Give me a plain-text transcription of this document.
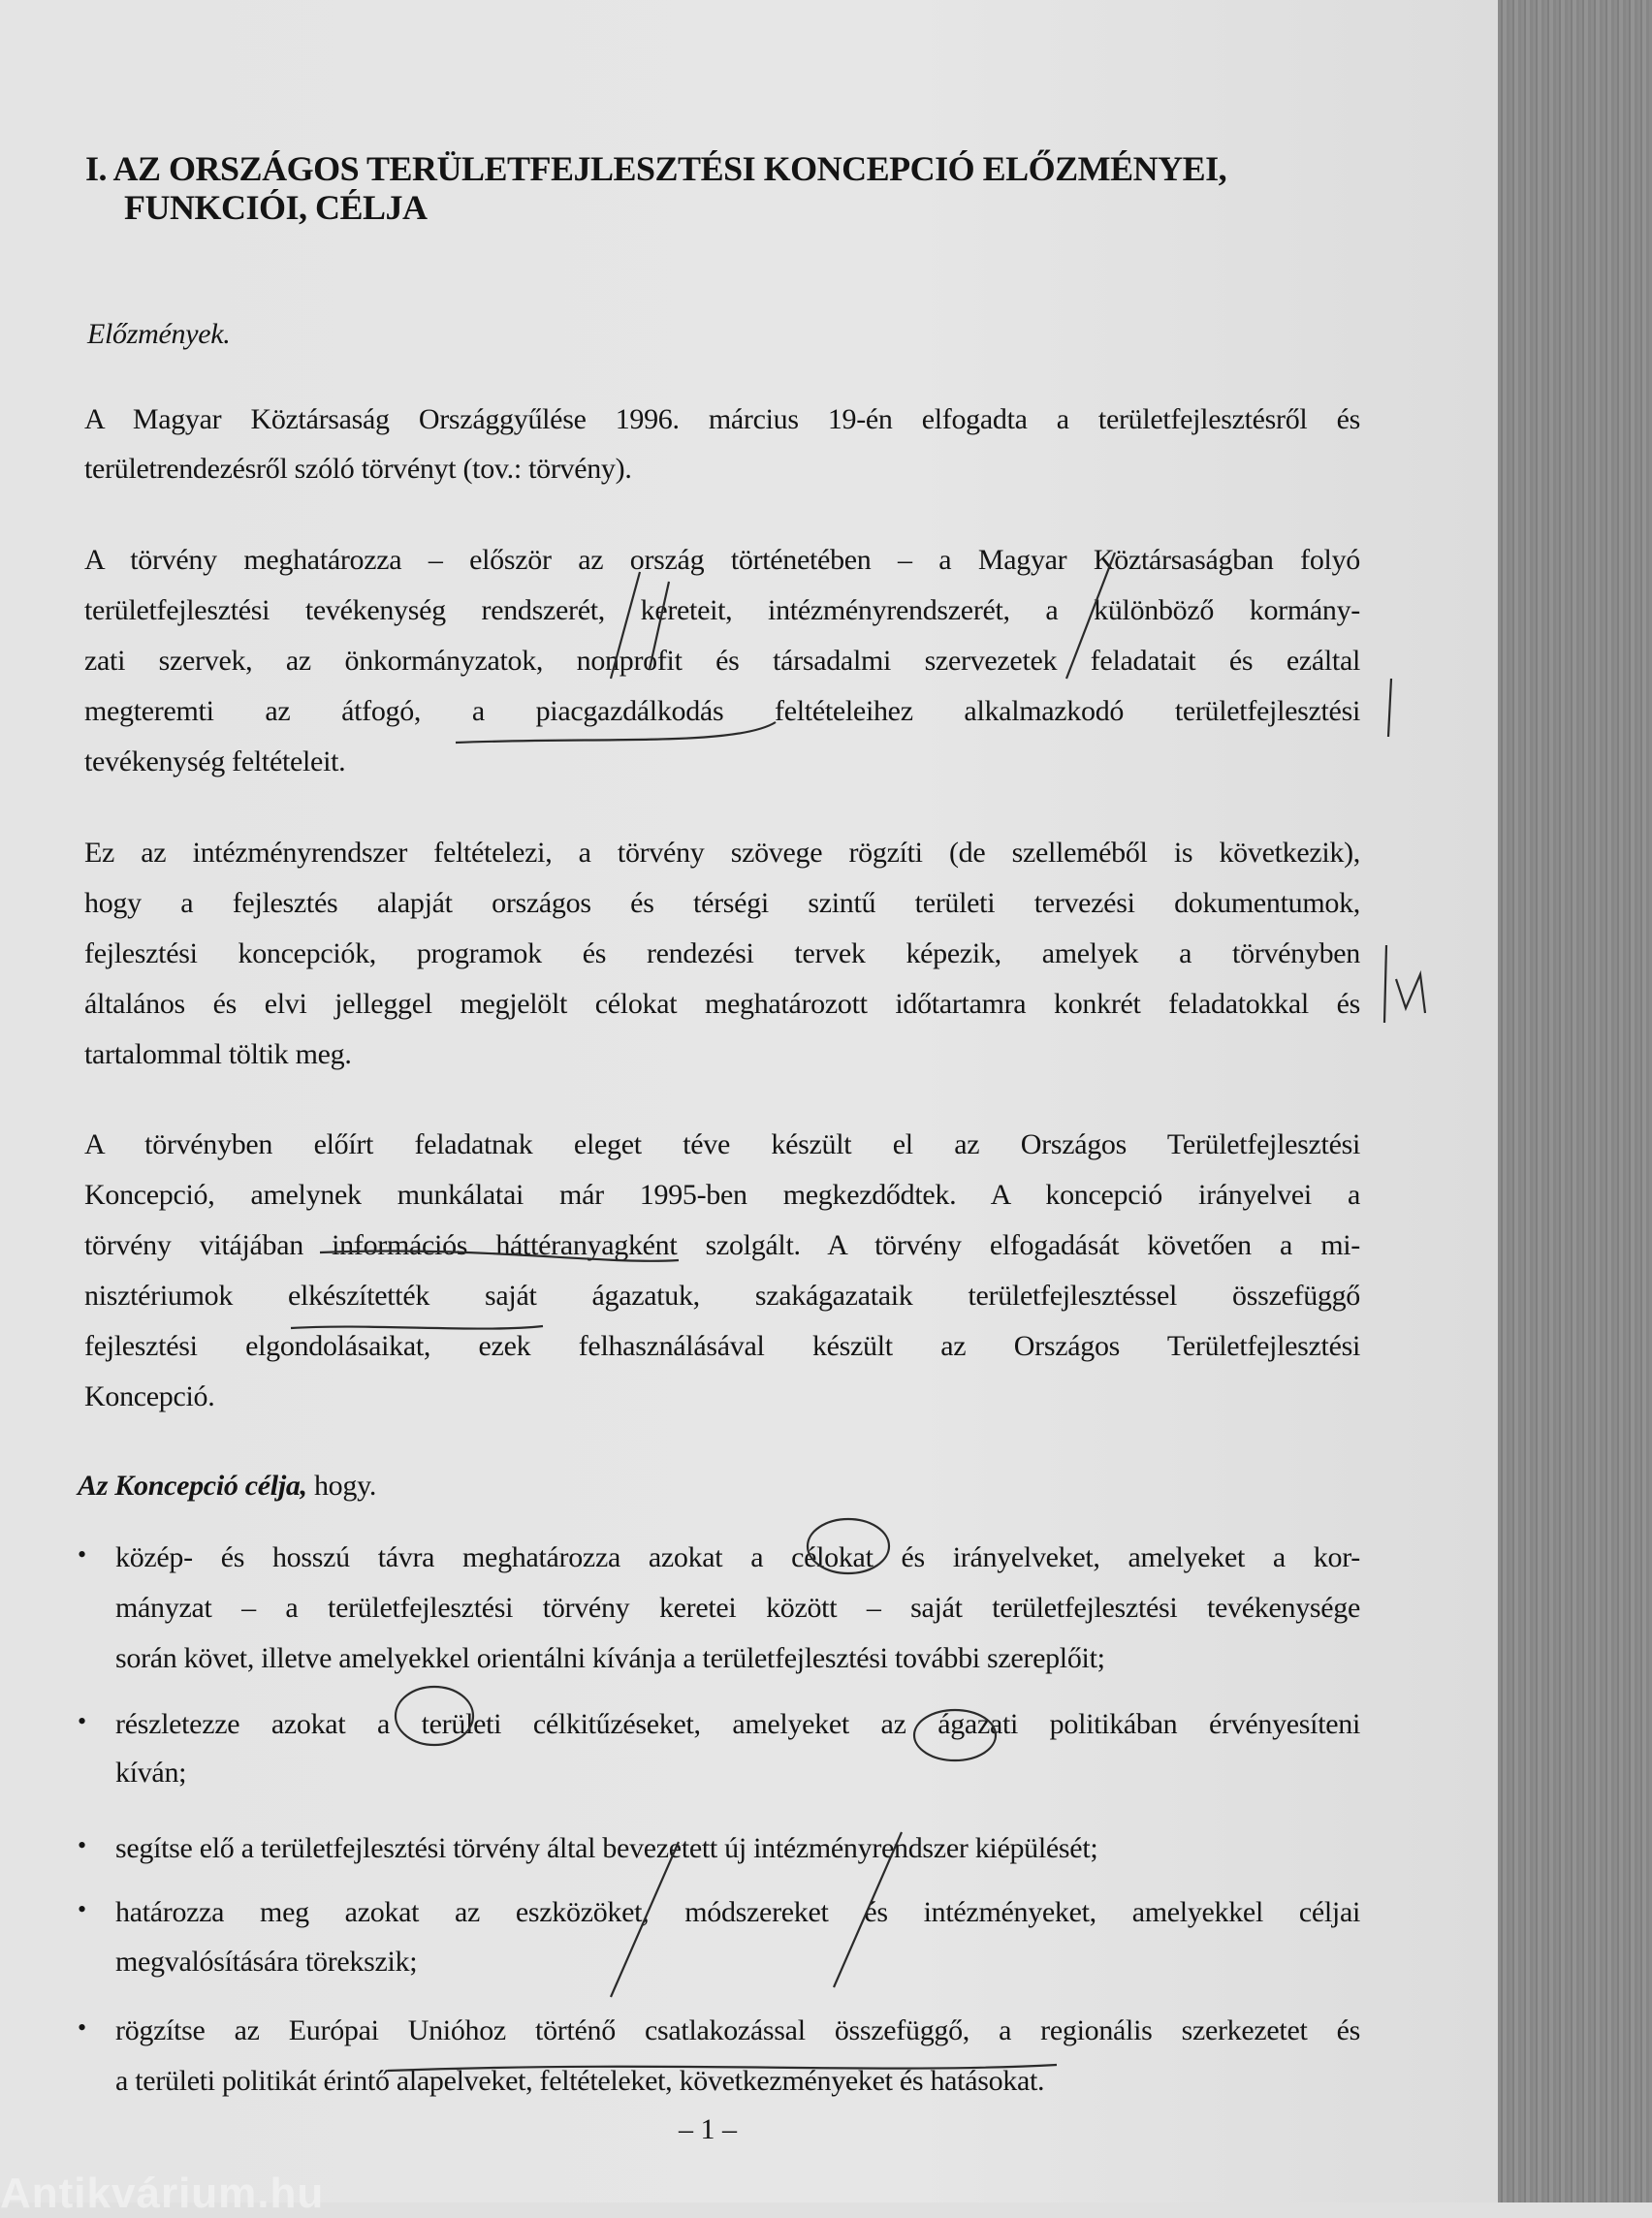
I. AZ ORSZÁGOS TERÜLETFEJLESZTÉSI KONCEPCIÓ ELŐZMÉNYEI,
FUNKCIÓI, CÉLJA
Előzmények.
A Magyar Köztársaság Országgyűlése 1996. március 19-én elfogadta a területfejlesztésről és
területrendezésről szóló törvényt (tov.: törvény).
A törvény meghatározza – először az ország történetében – a Magyar Köztársaságban folyó
területfejlesztési tevékenység rendszerét, kereteit, intézményrendszerét, a különböző kormány-
zati szervek, az önkormányzatok, nonprofit és társadalmi szervezetek feladatait és ezáltal
megteremti az átfogó, a piacgazdálkodás feltételeihez alkalmazkodó területfejlesztési
tevékenység feltételeit.
Ez az intézményrendszer feltételezi, a törvény szövege rögzíti (de szelleméből is következik),
hogy a fejlesztés alapját országos és térségi szintű területi tervezési dokumentumok,
fejlesztési koncepciók, programok és rendezési tervek képezik, amelyek a törvényben
általános és elvi jelleggel megjelölt célokat meghatározott időtartamra konkrét feladatokkal és
tartalommal töltik meg.
A törvényben előírt feladatnak eleget téve készült el az Országos Területfejlesztési
Koncepció, amelynek munkálatai már 1995-ben megkezdődtek. A koncepció irányelvei a
törvény vitájában információs háttéranyagként szolgált. A törvény elfogadását követően a mi-
nisztériumok elkészítették saját ágazatuk, szakágazataik területfejlesztéssel összefüggő
fejlesztési elgondolásaikat, ezek felhasználásával készült az Országos Területfejlesztési
Koncepció.
Az Koncepció célja, hogy.
• közép- és hosszú távra meghatározza azokat a célokat és irányelveket, amelyeket a kor-
mányzat – a területfejlesztési törvény keretei között – saját területfejlesztési tevékenysége
során követ, illetve amelyekkel orientálni kívánja a területfejlesztési további szereplőit;
• részletezze azokat a területi célkitűzéseket, amelyeket az ágazati politikában érvényesíteni
kíván;
• segítse elő a területfejlesztési törvény által bevezetett új intézményrendszer kiépülését;
• határozza meg azokat az eszközöket, módszereket és intézményeket, amelyekkel céljai
megvalósítására törekszik;
• rögzítse az Európai Unióhoz történő csatlakozással összefüggő, a regionális szerkezetet és
a területi politikát érintő alapelveket, feltételeket, következményeket és hatásokat.
– 1 –
Antikvárium.hu
